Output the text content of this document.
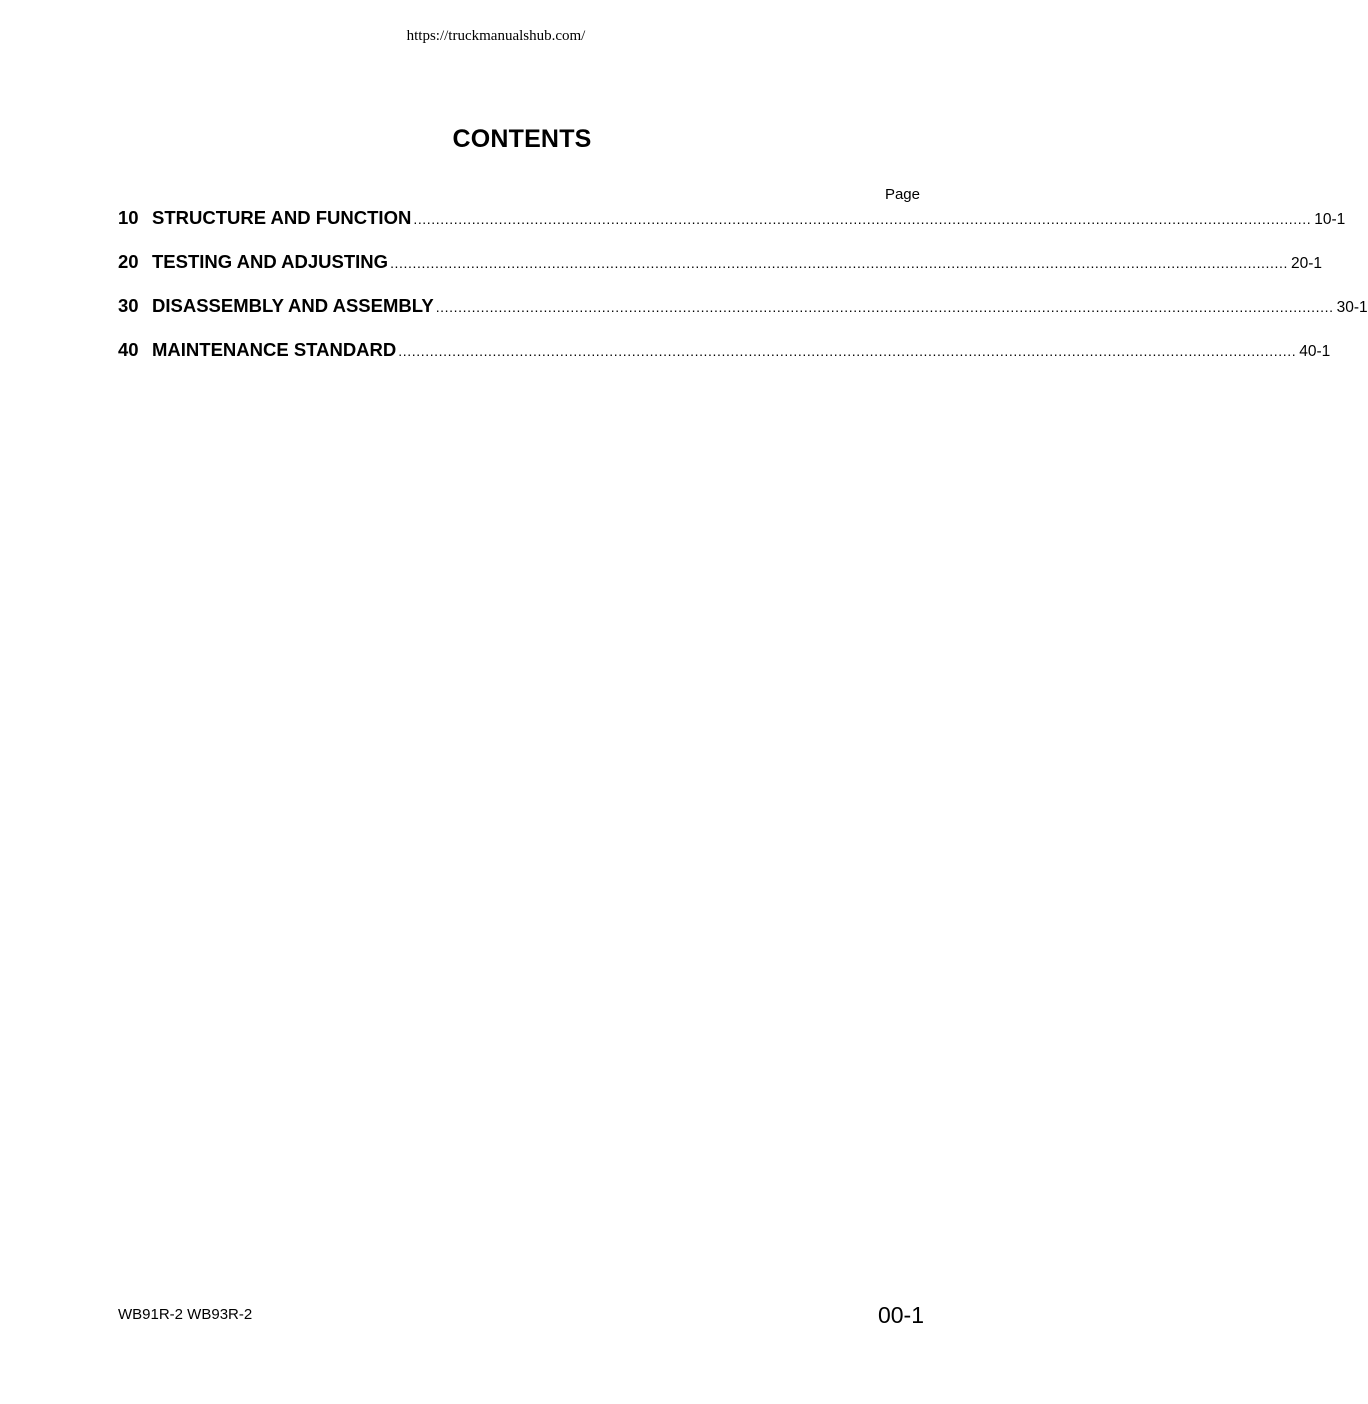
https://truckmanualshub.com/
CONTENTS
Page
10 STRUCTURE AND FUNCTION ........................................................................................................................................................................................................ 10-1
20 TESTING AND ADJUSTING ........................................................................................................................................................................................................ 20-1
30 DISASSEMBLY AND ASSEMBLY ........................................................................................................................................................................................................ 30-1
40 MAINTENANCE STANDARD ........................................................................................................................................................................................................ 40-1
WB91R-2 WB93R-2	00-1
